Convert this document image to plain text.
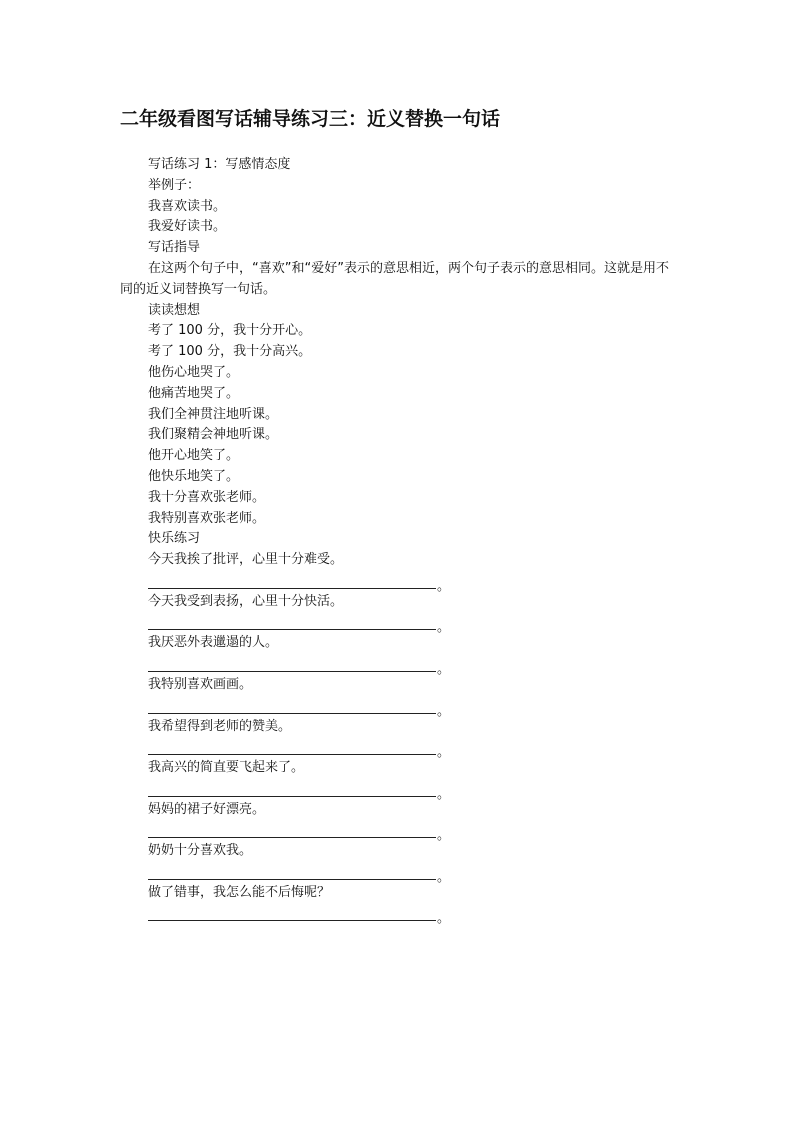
二年级看图写话辅导练习三：近义替换一句话
写话练习 1：写感情态度
举例子：
我喜欢读书。
我爱好读书。
写话指导
在这两个句子中，“喜欢”和“爱好”表示的意思相近，两个句子表示的意思相同。这就是用不同的近义词替换写一句话。
读读想想
考了 100 分，我十分开心。
考了 100 分，我十分高兴。
他伤心地哭了。
他痛苦地哭了。
我们全神贯注地听课。
我们聚精会神地听课。
他开心地笑了。
他快乐地笑了。
我十分喜欢张老师。
我特别喜欢张老师。
快乐练习
今天我挨了批评，心里十分难受。
。
今天我受到表扬，心里十分快活。
。
我厌恶外表邋遢的人。
。
我特别喜欢画画。
。
我希望得到老师的赞美。
。
我高兴的简直要飞起来了。
。
妈妈的裙子好漂亮。
。
奶奶十分喜欢我。
。
做了错事，我怎么能不后悔呢？
。
